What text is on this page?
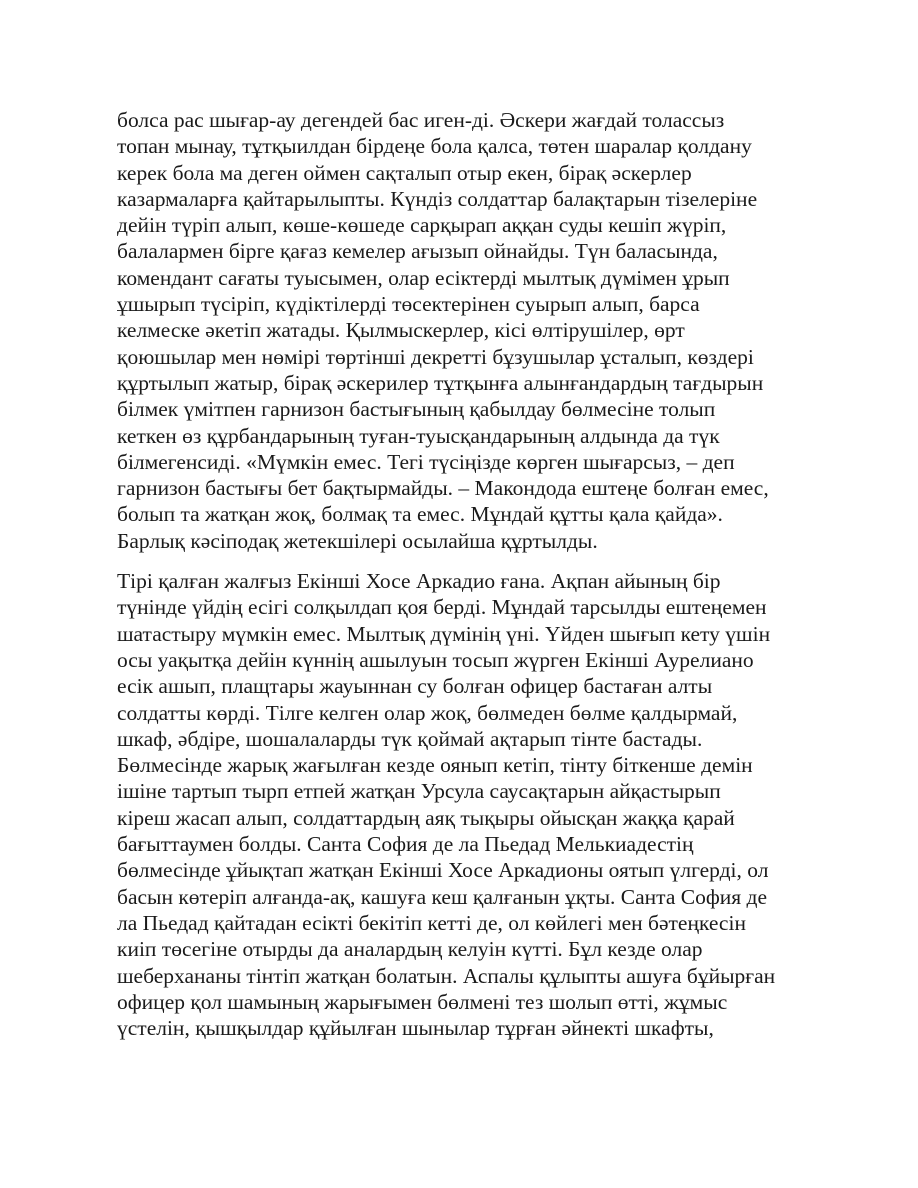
болса рас шығар-ау дегендей бас иген-ді. Әскери жағдай толассыз
топан мынау, тұтқыилдан бірдеңе бола қалса, төтен шаралар қолдану
керек бола ма деген оймен сақталып отыр екен, бірақ әскерлер
казармаларға қайтарылыпты. Күндіз солдаттар балақтарын тізелеріне
дейін түріп алып, көше-көшеде сарқырап аққан суды кешіп жүріп,
балалармен бірге қағаз кемелер ағызып ойнайды. Түн баласында,
комендант сағаты туысымен, олар есіктерді мылтық дүмімен ұрып
ұшырып түсіріп, күдіктілерді төсектерінен суырып алып, барса
келмеске әкетіп жатады. Қылмыскерлер, кісі өлтірушілер, өрт
қоюшылар мен нөмірі төртінші декретті бұзушылар ұсталып, көздері
құртылып жатыр, бірақ әскерилер тұтқынға алынғандардың тағдырын
білмек үмітпен гарнизон бастығының қабылдау бөлмесіне толып
кеткен өз құрбандарының туған-туысқандарының алдында да түк
білмегенсиді. «Мүмкін емес. Тегі түсіңізде көрген шығарсыз, – деп
гарнизон бастығы бет бақтырмайды. – Макондода ештеңе болған емес,
болып та жатқан жоқ, болмақ та емес. Мұндай құтты қала қайда».
Барлық кәсіподақ жетекшілері осылайша құртылды.

Тірі қалған жалғыз Екінші Хосе Аркадио ғана. Ақпан айының бір
түнінде үйдің есігі солқылдап қоя берді. Мұндай тарсылды ештеңемен
шатастыру мүмкін емес. Мылтық дүмінің үні. Үйден шығып кету үшін
осы уақытқа дейін күннің ашылуын тосып жүрген Екінші Аурелиано
есік ашып, плащтары жауыннан су болған офицер бастаған алты
солдатты көрді. Тілге келген олар жоқ, бөлмеден бөлме қалдырмай,
шкаф, әбдіре, шошалаларды түк қоймай ақтарып тінте бастады.
Бөлмесінде жарық жағылған кезде оянып кетіп, тінту біткенше демін
ішіне тартып тырп етпей жатқан Урсула саусақтарын айқастырып
кіреш жасап алып, солдаттардың аяқ тықыры ойысқан жаққа қарай
бағыттаумен болды. Санта София де ла Пьедад Мелькиадестің
бөлмесінде ұйықтап жатқан Екінші Хосе Аркадионы оятып үлгерді, ол
басын көтеріп алғанда-ақ, кашуға кеш қалғанын ұқты. Санта София де
ла Пьедад қайтадан есікті бекітіп кетті де, ол көйлегі мен бәтеңкесін
киіп төсегіне отырды да аналардың келуін күтті. Бұл кезде олар
шеберхананы тінтіп жатқан болатын. Аспалы құлыпты ашуға бұйырған
офицер қол шамының жарығымен бөлмені тез шолып өтті, жұмыс
үстелін, қышқылдар құйылған шынылар тұрған әйнекті шкафты,
